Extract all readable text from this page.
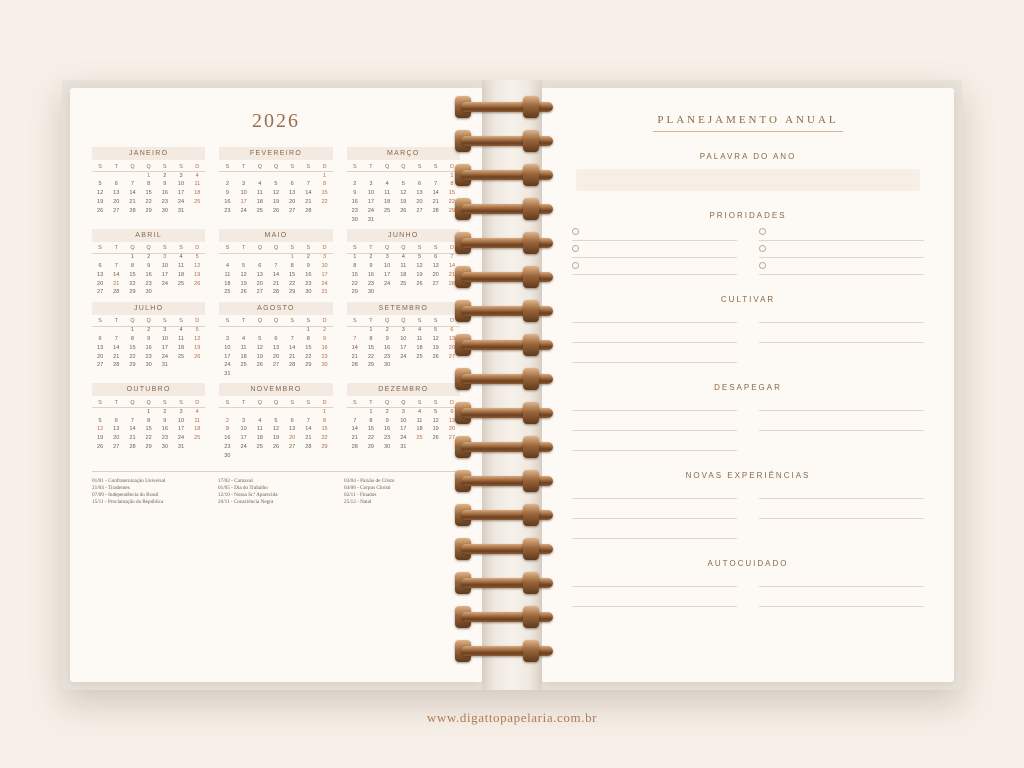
2026
JANEIRO
S	T	Q	Q	S	S	D
			1	2	3	4
5	6	7	8	9	10	11
12	13	14	15	16	17	18
19	20	21	22	23	24	25
26	27	28	29	30	31	
FEVEREIRO
S	T	Q	Q	S	S	D
						1
2	3	4	5	6	7	8
9	10	11	12	13	14	15
16	17	18	19	20	21	22
23	24	25	26	27	28	
MARÇO
S	T	Q	Q	S	S	D
						1
2	3	4	5	6	7	8
9	10	11	12	13	14	15
16	17	18	19	20	21	22
23	24	25	26	27	28	29
30	31					
ABRIL
S	T	Q	Q	S	S	D
		1	2	3	4	5
6	7	8	9	10	11	12
13	14	15	16	17	18	19
20	21	22	23	24	25	26
27	28	29	30			
MAIO
S	T	Q	Q	S	S	D
				1	2	3
4	5	6	7	8	9	10
11	12	13	14	15	16	17
18	19	20	21	22	23	24
25	26	27	28	29	30	31
JUNHO
S	T	Q	Q	S	S	D
1	2	3	4	5	6	7
8	9	10	11	12	13	14
15	16	17	18	19	20	21
22	23	24	25	26	27	28
29	30					
JULHO
S	T	Q	Q	S	S	D
		1	2	3	4	5
6	7	8	9	10	11	12
13	14	15	16	17	18	19
20	21	22	23	24	25	26
27	28	29	30	31		
AGOSTO
S	T	Q	Q	S	S	D
					1	2
3	4	5	6	7	8	9
10	11	12	13	14	15	16
17	18	19	20	21	22	23
24	25	26	27	28	29	30
31						
SETEMBRO
S	T	Q	Q	S	S	D
	1	2	3	4	5	6
7	8	9	10	11	12	13
14	15	16	17	18	19	20
21	22	23	24	25	26	27
28	29	30				
OUTUBRO
S	T	Q	Q	S	S	D
			1	2	3	4
5	6	7	8	9	10	11
12	13	14	15	16	17	18
19	20	21	22	23	24	25
26	27	28	29	30	31	
NOVEMBRO
S	T	Q	Q	S	S	D
						1
2	3	4	5	6	7	8
9	10	11	12	13	14	15
16	17	18	19	20	21	22
23	24	25	26	27	28	29
30						
DEZEMBRO
S	T	Q	Q	S	S	D
	1	2	3	4	5	6
7	8	9	10	11	12	13
14	15	16	17	18	19	20
21	22	23	24	25	26	27
28	29	30	31			
01/01 - Confraternização Universal	17/02 - Carnaval	03/04 - Paixão de Cristo
21/04 - Tiradentes	01/05 - Dia do Trabalho	04/06 - Corpus Christi
07/09 - Independência do Brasil	12/10 - Nossa Sr.ª Aparecida	02/11 - Finados
15/11 - Proclamação da República	20/11 - Consciência Negra	25/12 - Natal
PLANEJAMENTO ANUAL
PALAVRA DO ANO
PRIORIDADES
CULTIVAR
DESAPEGAR
NOVAS EXPERIÊNCIAS
AUTOCUIDADO
www.digattopapelaria.com.br
